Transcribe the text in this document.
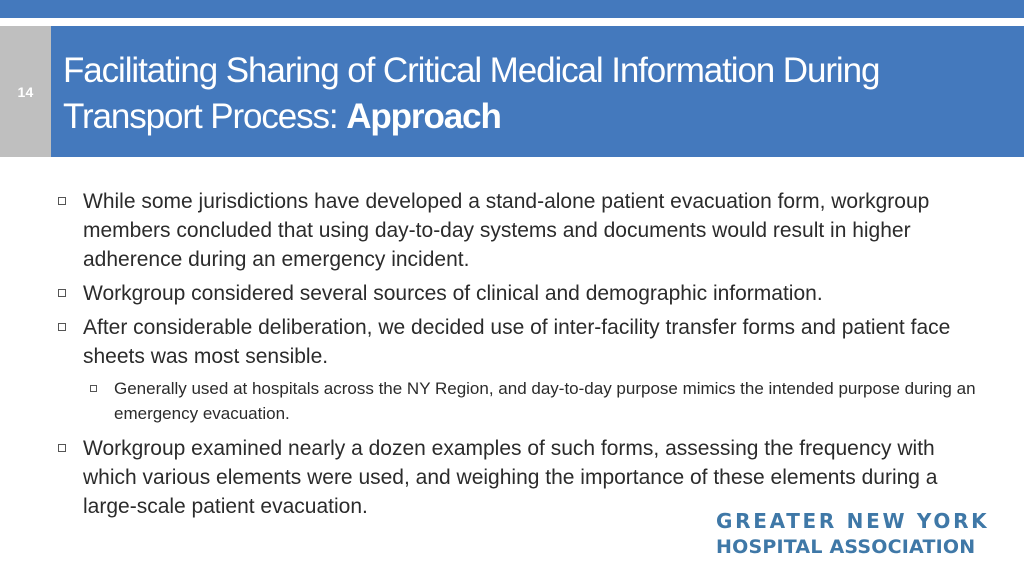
14
Facilitating Sharing of Critical Medical Information During
Transport Process: Approach
While some jurisdictions have developed a stand-alone patient evacuation form, workgroup members concluded that using day-to-day systems and documents would result in higher adherence during an emergency incident.
Workgroup considered several sources of clinical and demographic information.
After considerable deliberation, we decided use of inter-facility transfer forms and patient face sheets was most sensible.
Generally used at hospitals across the NY Region, and day-to-day purpose mimics the intended purpose during an emergency evacuation.
Workgroup examined nearly a dozen examples of such forms, assessing the frequency with which various elements were used, and weighing the importance of these elements during a large-scale patient evacuation.
GREATER NEW YORK
HOSPITAL ASSOCIATION
